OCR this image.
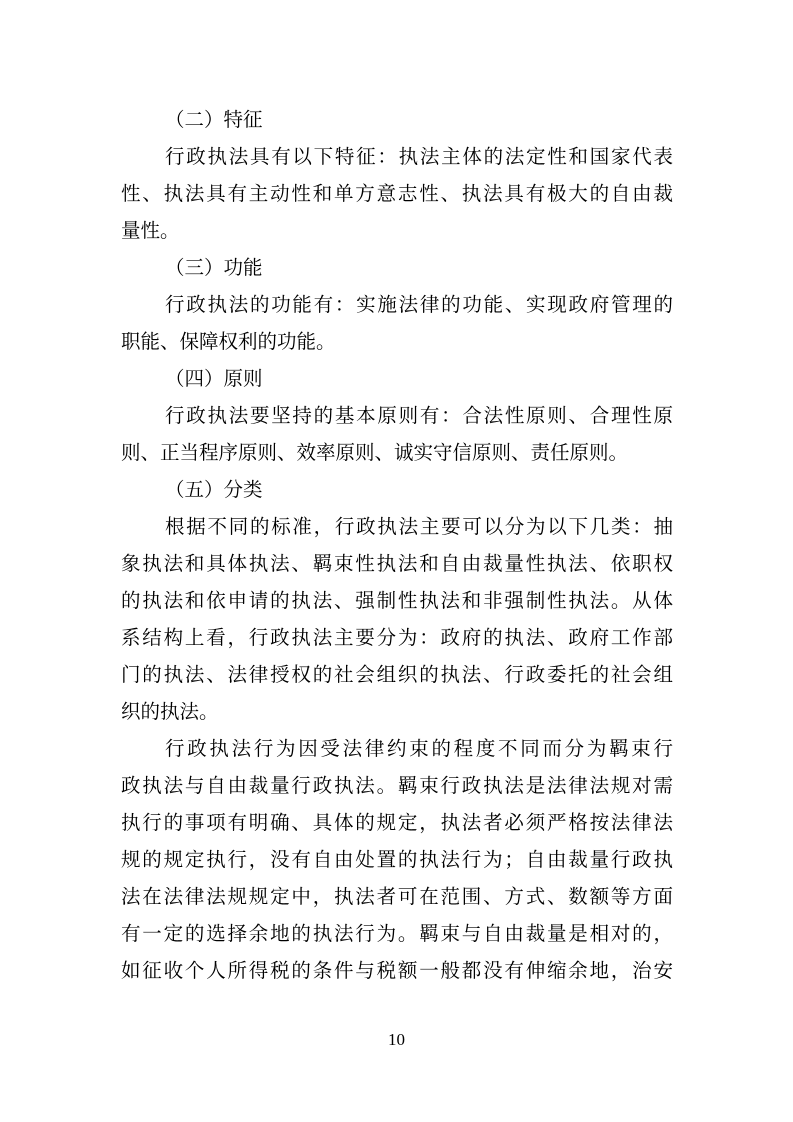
（二）特征
行政执法具有以下特征：执法主体的法定性和国家代表
性、执法具有主动性和单方意志性、执法具有极大的自由裁
量性。
（三）功能
行政执法的功能有：实施法律的功能、实现政府管理的
职能、保障权利的功能。
（四）原则
行政执法要坚持的基本原则有：合法性原则、合理性原
则、正当程序原则、效率原则、诚实守信原则、责任原则。
（五）分类
根据不同的标准，行政执法主要可以分为以下几类：抽
象执法和具体执法、羁束性执法和自由裁量性执法、依职权
的执法和依申请的执法、强制性执法和非强制性执法。从体
系结构上看，行政执法主要分为：政府的执法、政府工作部
门的执法、法律授权的社会组织的执法、行政委托的社会组
织的执法。
行政执法行为因受法律约束的程度不同而分为羁束行
政执法与自由裁量行政执法。羁束行政执法是法律法规对需
执行的事项有明确、具体的规定，执法者必须严格按法律法
规的规定执行，没有自由处置的执法行为；自由裁量行政执
法在法律法规规定中，执法者可在范围、方式、数额等方面
有一定的选择余地的执法行为。羁束与自由裁量是相对的，
如征收个人所得税的条件与税额一般都没有伸缩余地，治安
10
